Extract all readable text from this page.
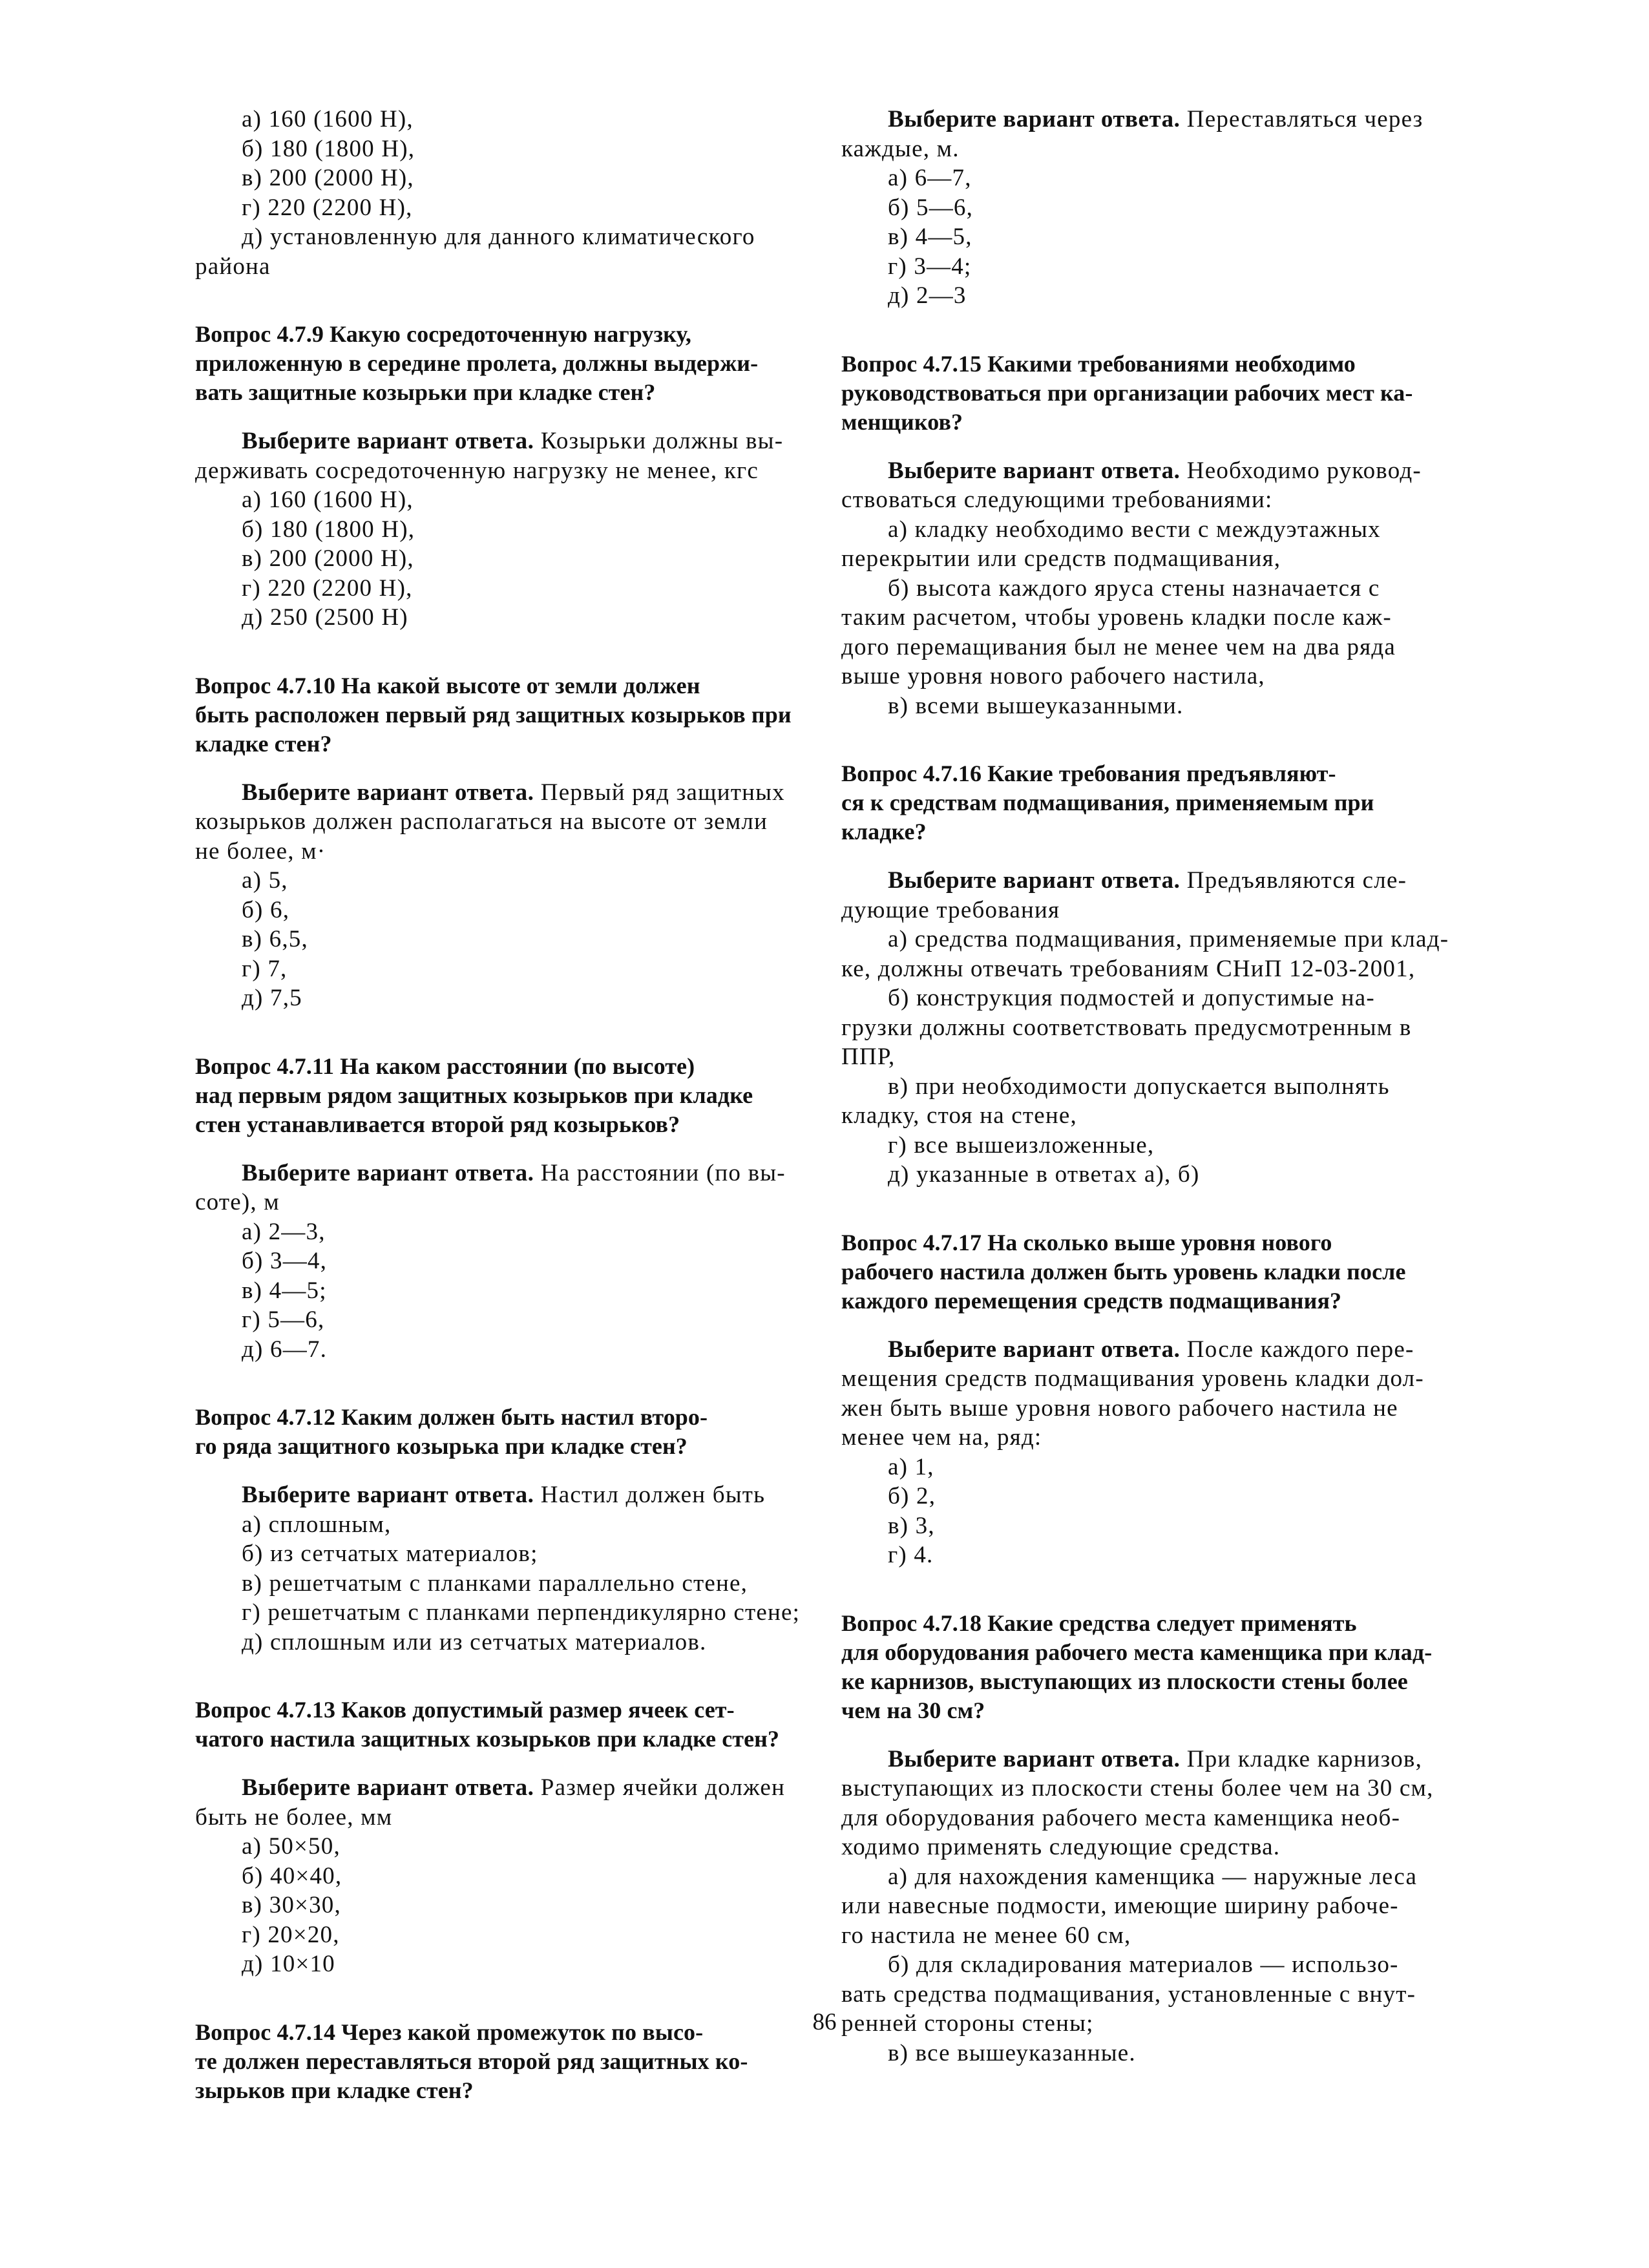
а) 160 (1600 Н),
б) 180 (1800 Н),
в) 200 (2000 Н),
г) 220 (2200 Н),
д) установленную для данного климатического
района
Вопрос 4.7.9 Какую сосредоточенную нагрузку,
приложенную в середине пролета, должны выдержи-
вать защитные козырьки при кладке стен?
Выберите вариант ответа. Козырьки должны вы-
держивать сосредоточенную нагрузку не менее, кгс
а) 160 (1600 Н),
б) 180 (1800 Н),
в) 200 (2000 Н),
г) 220 (2200 Н),
д) 250 (2500 Н)
Вопрос 4.7.10 На какой высоте от земли должен
быть расположен первый ряд защитных козырьков при
кладке стен?
Выберите вариант ответа. Первый ряд защитных
козырьков должен располагаться на высоте от земли
не более, м·
а) 5,
б) 6,
в) 6,5,
г) 7,
д) 7,5
Вопрос 4.7.11 На каком расстоянии (по высоте)
над первым рядом защитных козырьков при кладке
стен устанавливается второй ряд козырьков?
Выберите вариант ответа. На расстоянии (по вы-
соте), м
а) 2—3,
б) 3—4,
в) 4—5;
г) 5—6,
д) 6—7.
Вопрос 4.7.12 Каким должен быть настил второ-
го ряда защитного козырька при кладке стен?
Выберите вариант ответа. Настил должен быть
а) сплошным,
б) из сетчатых материалов;
в) решетчатым с планками параллельно стене,
г) решетчатым с планками перпендикулярно стене;
д) сплошным или из сетчатых материалов.
Вопрос 4.7.13 Каков допустимый размер ячеек сет-
чатого настила защитных козырьков при кладке стен?
Выберите вариант ответа. Размер ячейки должен
быть не более, мм
а) 50×50,
б) 40×40,
в) 30×30,
г) 20×20,
д) 10×10
Вопрос 4.7.14 Через какой промежуток по высо-
те должен переставляться второй ряд защитных ко-
зырьков при кладке стен?
Выберите вариант ответа. Переставляться через
каждые, м.
а) 6—7,
б) 5—6,
в) 4—5,
г) 3—4;
д) 2—3
Вопрос 4.7.15 Какими требованиями необходимо
руководствоваться при организации рабочих мест ка-
менщиков?
Выберите вариант ответа. Необходимо руковод-
ствоваться следующими требованиями:
а) кладку необходимо вести с междуэтажных
перекрытии или средств подмащивания,
б) высота каждого яруса стены назначается с
таким расчетом, чтобы уровень кладки после каж-
дого перемащивания был не менее чем на два ряда
выше уровня нового рабочего настила,
в) всеми вышеуказанными.
Вопрос 4.7.16 Какие требования предъявляют-
ся к средствам подмащивания, применяемым при
кладке?
Выберите вариант ответа. Предъявляются сле-
дующие требования
а) средства подмащивания, применяемые при клад-
ке, должны отвечать требованиям СНиП 12-03-2001,
б) конструкция подмостей и допустимые на-
грузки должны соответствовать предусмотренным в
ППР,
в) при необходимости допускается выполнять
кладку, стоя на стене,
г) все вышеизложенные,
д) указанные в ответах а), б)
Вопрос 4.7.17 На сколько выше уровня нового
рабочего настила должен быть уровень кладки после
каждого перемещения средств подмащивания?
Выберите вариант ответа. После каждого пере-
мещения средств подмащивания уровень кладки дол-
жен быть выше уровня нового рабочего настила не
менее чем на, ряд:
а) 1,
б) 2,
в) 3,
г) 4.
Вопрос 4.7.18 Какие средства следует применять
для оборудования рабочего места каменщика при клад-
ке карнизов, выступающих из плоскости стены более
чем на 30 см?
Выберите вариант ответа. При кладке карнизов,
выступающих из плоскости стены более чем на 30 см,
для оборудования рабочего места каменщика необ-
ходимо применять следующие средства.
а) для нахождения каменщика — наружные леса
или навесные подмости, имеющие ширину рабоче-
го настила не менее 60 см,
б) для складирования материалов — использо-
вать средства подмащивания, установленные с внут-
ренней стороны стены;
в) все вышеуказанные.
86
